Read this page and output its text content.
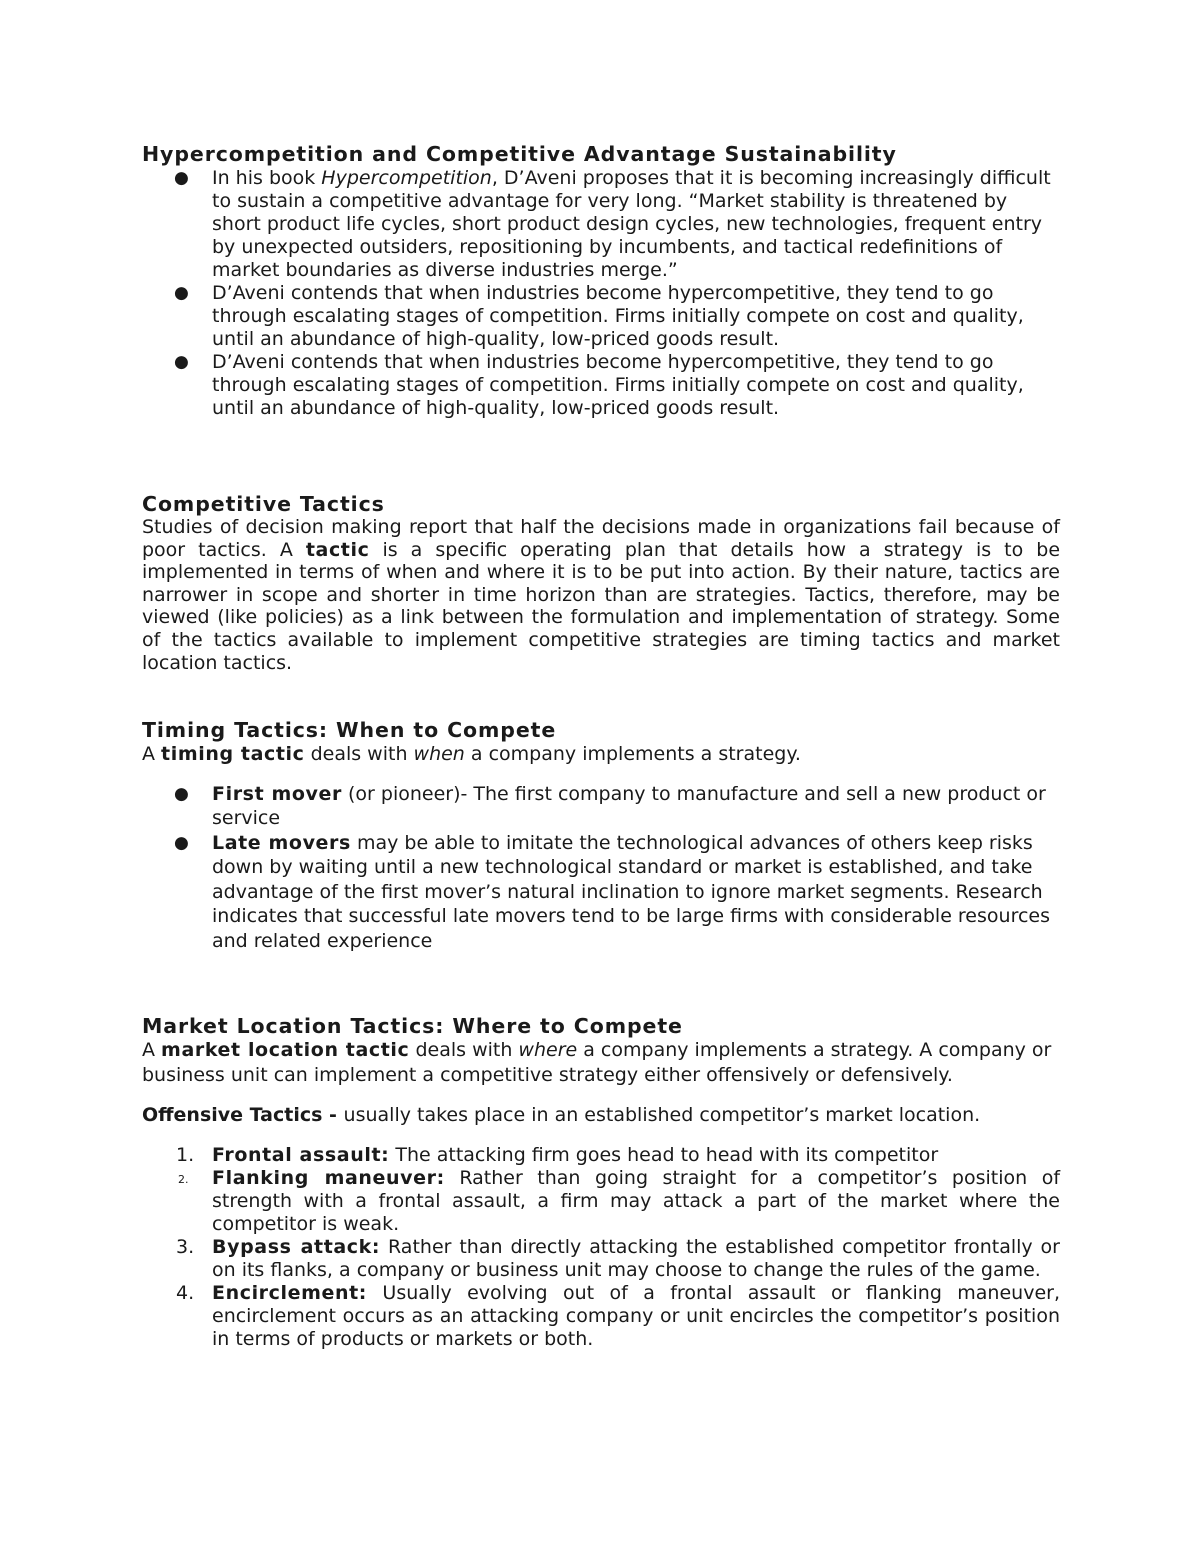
Hypercompetition and Competitive Advantage Sustainability
● In his book Hypercompetition, D’Aveni proposes that it is becoming increasingly difficult to sustain a competitive advantage for very long. “Market stability is threatened by short product life cycles, short product design cycles, new technologies, frequent entry by unexpected outsiders, repositioning by incumbents, and tactical redefinitions of market boundaries as diverse industries merge.”
● D’Aveni contends that when industries become hypercompetitive, they tend to go through escalating stages of competition. Firms initially compete on cost and quality, until an abundance of high-quality, low-priced goods result.
● D’Aveni contends that when industries become hypercompetitive, they tend to go through escalating stages of competition. Firms initially compete on cost and quality, until an abundance of high-quality, low-priced goods result.
Competitive Tactics

Studies of decision making report that half the decisions made in organizations fail because of poor tactics. A tactic is a specific operating plan that details how a strategy is to be implemented in terms of when and where it is to be put into action. By their nature, tactics are narrower in scope and shorter in time horizon than are strategies. Tactics, therefore, may be viewed (like policies) as a link between the formulation and implementation of strategy. Some of the tactics available to implement competitive strategies are timing tactics and market location tactics.

Timing Tactics: When to Compete

A timing tactic deals with when a company implements a strategy.

● First mover (or pioneer)- The first company to manufacture and sell a new product or service
● Late movers may be able to imitate the technological advances of others keep risks down by waiting until a new technological standard or market is established, and take advantage of the first mover’s natural inclination to ignore market segments. Research indicates that successful late movers tend to be large firms with considerable resources and related experience
Market Location Tactics: Where to Compete

A market location tactic deals with where a company implements a strategy. A company or business unit can implement a competitive strategy either offensively or defensively.

Offensive Tactics - usually takes place in an established competitor’s market location.

1. Frontal assault: The attacking firm goes head to head with its competitor
2. Flanking maneuver: Rather than going straight for a competitor’s position of strength with a frontal assault, a firm may attack a part of the market where the competitor is weak.
3. Bypass attack: Rather than directly attacking the established competitor frontally or on its flanks, a company or business unit may choose to change the rules of the game.
4. Encirclement: Usually evolving out of a frontal assault or flanking maneuver, encirclement occurs as an attacking company or unit encircles the competitor’s position in terms of products or markets or both.
